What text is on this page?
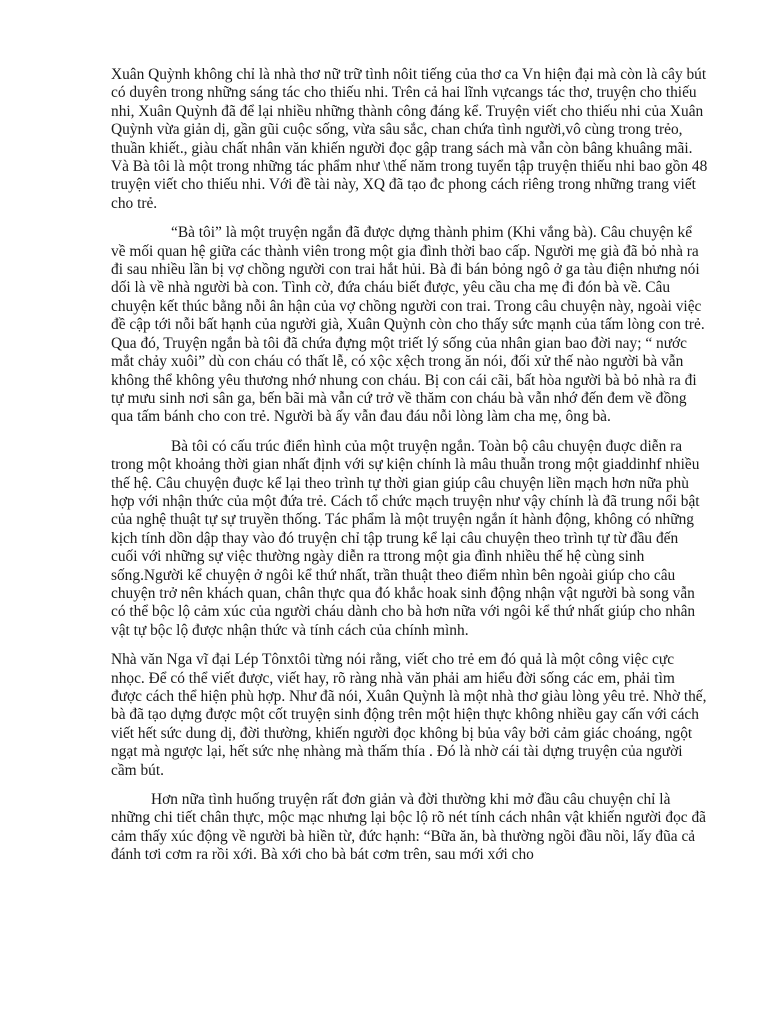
Xuân Quỳnh không chỉ là nhà thơ nữ trữ tình nôit tiếng của thơ ca Vn hiện đại mà còn là cây bút có duyên trong những sáng tác cho thiếu nhi. Trên cả hai lĩnh vựcangs tác thơ, truyện cho thiếu nhi, Xuân Quỳnh đã để lại nhiều những thành công đáng kể. Truyện viết cho thiếu nhi của Xuân Quỳnh vừa giản dị, gần gũi cuộc sống, vừa sâu sắc, chan chứa tình người,vô cùng trong trẻo, thuần khiết., giàu chất nhân văn khiến người đọc gập trang sách mà vẫn còn bâng khuâng mãi. Và Bà tôi là một trong những tác phẩm như \thế năm trong tuyển tập truyện thiếu nhi bao gồn 48 truyện viết cho thiếu nhi. Với đề tài này, XQ đã tạo đc phong cách riêng trong những trang viết cho trẻ.

“Bà tôi” là một truyện ngắn đã được dựng thành phim (Khi vắng bà). Câu chuyện kể về mối quan hệ giữa các thành viên trong một gia đình thời bao cấp. Người mẹ già đã bỏ nhà ra đi sau nhiều lần bị vợ chồng người con trai hắt hủi. Bà đi bán bỏng ngô ở ga tàu điện nhưng nói dối là về nhà người bà con. Tình cờ, đứa cháu biết được, yêu cầu cha mẹ đi đón bà về. Câu chuyện kết thúc bằng nỗi ân hận của vợ chồng người con trai. Trong câu chuyện này, ngoài việc đề cập tới nỗi bất hạnh của người già, Xuân Quỳnh còn cho thấy sức mạnh của tấm lòng con trẻ. Qua đó, Truyện ngắn bà tôi đã chứa đựng một triết lý sống của nhân gian bao đời nay; “ nước mắt chảy xuôi” dù con cháu có thất lễ, có xộc xệch trong ăn nói, đối xử thế nào người bà vẫn không thể không yêu thương nhớ nhung con cháu. Bị con cái cãi, bất hòa người bà bỏ nhà ra đi tự mưu sinh nơi sân ga, bến bãi mà vẫn cứ trở về thăm con cháu bà vẫn nhớ đến đem về đồng qua tấm bánh cho con trẻ. Người bà ấy vẫn đau đáu nỗi lòng làm cha mẹ, ông bà.

Bà tôi có cấu trúc điển hình của một truyện ngắn. Toàn bộ câu chuyện đuợc diễn ra trong một khoảng thời gian nhất định với sự kiện chính là mâu thuẫn trong một giaddinhf nhiều thế hệ. Câu chuyện đuợc kể lại theo trình tự thời gian giúp câu chuyện liền mạch hơn nữa phù hợp với nhận thức của một đứa trẻ. Cách tổ chức mạch truyện như vậy chính là đã trung nổi bật của nghệ thuật tự sự truyền thống. Tác phẩm là một truyện ngắn ít hành động, không có những kịch tính dồn dập thay vào đó truyện chỉ tập trung kể lại câu chuyện theo trình tự từ đầu đến cuối với những sự việc thường ngày diễn ra ttrong một gia đình nhiều thế hệ cùng sinh sống.Người kể chuyện ở ngôi kể thứ nhất, trần thuật theo điểm nhìn bên ngoài giúp cho câu chuyện trở nên khách quan, chân thực qua đó khắc hoak sinh động nhận vật người bà song vẫn có thể bộc lộ cảm xúc của người cháu dành cho bà hơn nữa với ngôi kể thứ nhất giúp cho nhân vật tự bộc lộ được nhận thức và tính cách của chính mình.

Nhà văn Nga vĩ đại Lép Tônxtôi từng nói rằng, viết cho trẻ em đó quả là một công việc cực nhọc. Để có thể viết được, viết hay, rõ ràng nhà văn phải am hiểu đời sống các em, phải tìm được cách thể hiện phù hợp. Như đã nói, Xuân Quỳnh là một nhà thơ giàu lòng yêu trẻ. Nhờ thế, bà đã tạo dựng được một cốt truyện sinh động trên một hiện thực không nhiều gay cấn với cách viết hết sức dung dị, đời thường, khiến người đọc không bị bủa vây bởi cảm giác choáng, ngột ngạt mà ngược lại, hết sức nhẹ nhàng mà thấm thía . Đó là nhờ cái tài dựng truyện của người cầm bút.

Hơn nữa tình huống truyện rất đơn giản và đời thường khi mở đầu câu chuyện chỉ là những chi tiết chân thực, mộc mạc nhưng lại bộc lộ rõ nét tính cách nhân vật khiến người đọc đã cảm thấy xúc động về người bà hiền từ, đức hạnh: “Bữa ăn, bà thường ngồi đầu nồi, lấy đũa cả đánh tơi cơm ra rồi xới. Bà xới cho bà bát cơm trên, sau mới xới cho
